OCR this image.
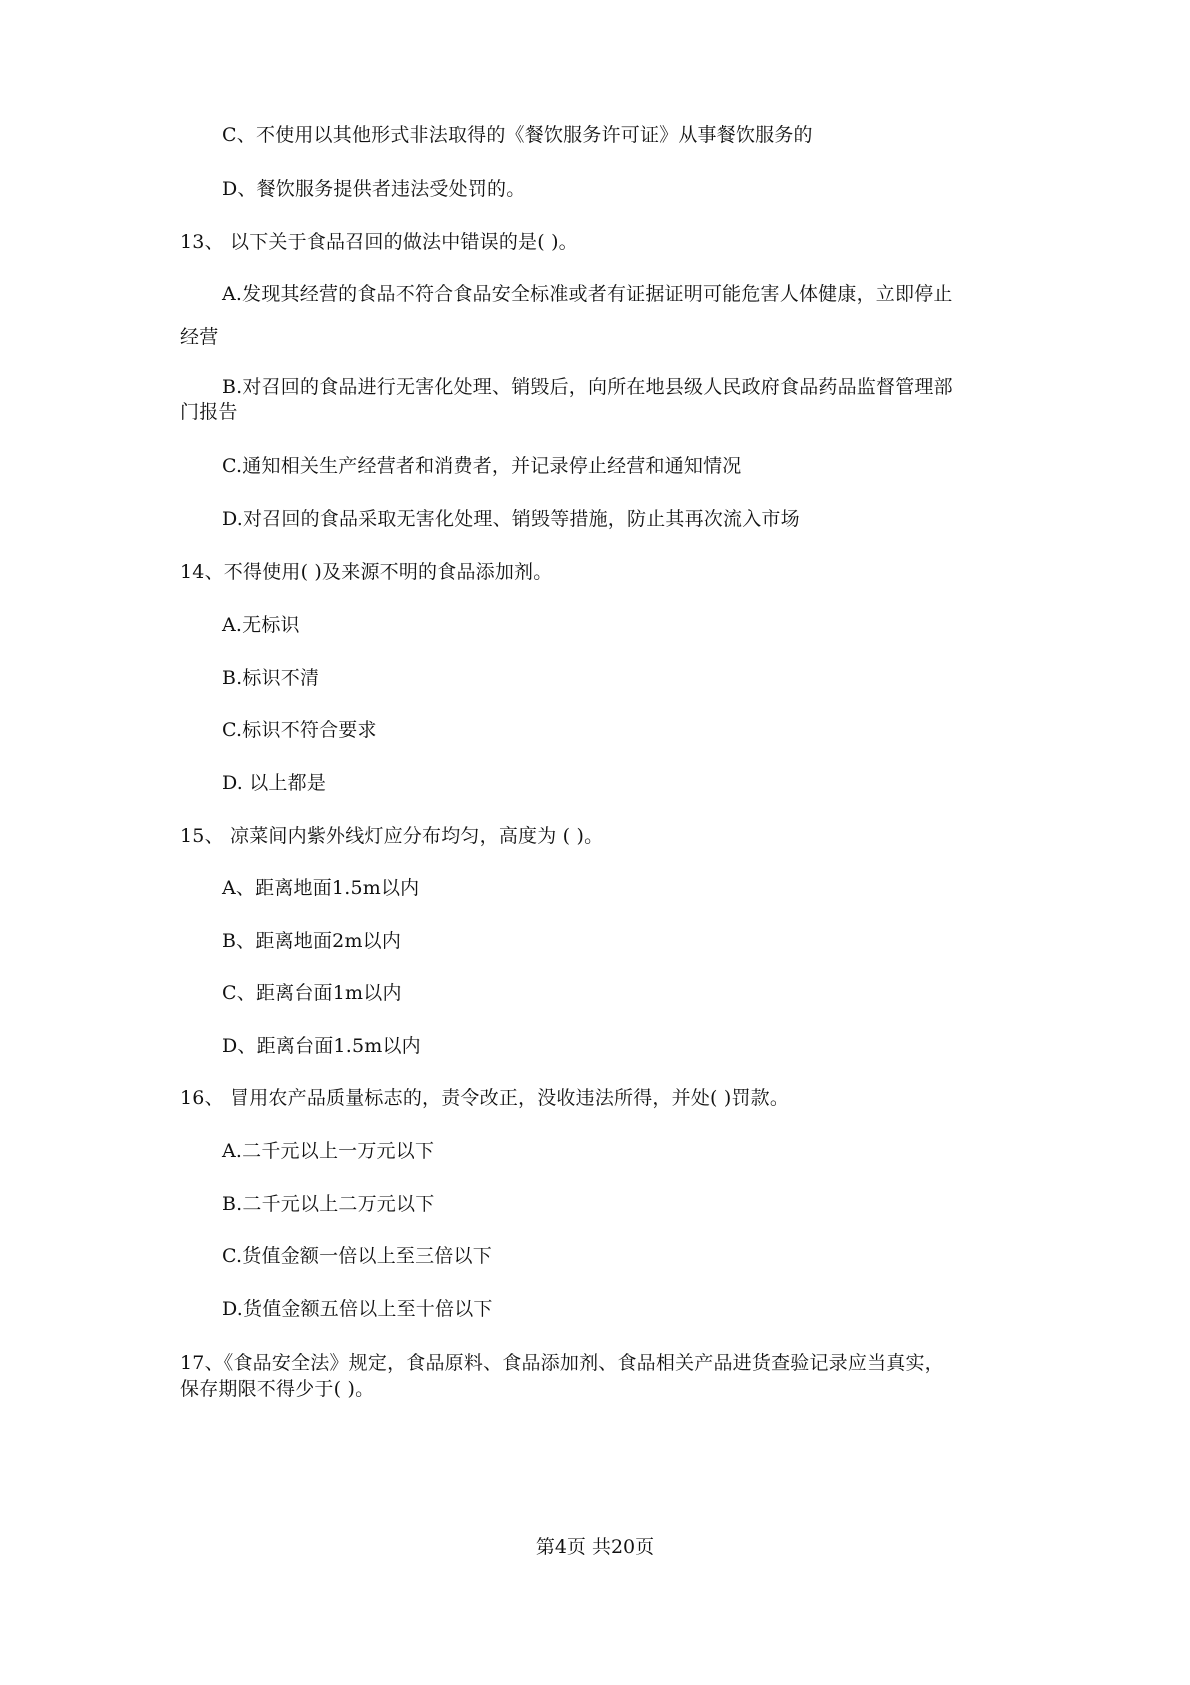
C、不使用以其他形式非法取得的《餐饮服务许可证》从事餐饮服务的
D、餐饮服务提供者违法受处罚的。
13、 以下关于食品召回的做法中错误的是( )。
A.发现其经营的食品不符合食品安全标准或者有证据证明可能危害人体健康，立即停止
经营
B.对召回的食品进行无害化处理、销毁后，向所在地县级人民政府食品药品监督管理部
门报告
C.通知相关生产经营者和消费者，并记录停止经营和通知情况
D.对召回的食品采取无害化处理、销毁等措施，防止其再次流入市场
14、不得使用( )及来源不明的食品添加剂。
A.无标识
B.标识不清
C.标识不符合要求
D. 以上都是
15、 凉菜间内紫外线灯应分布均匀，高度为 ( )。
A、距离地面1.5m以内
B、距离地面2m以内
C、距离台面1m以内
D、距离台面1.5m以内
16、 冒用农产品质量标志的，责令改正，没收违法所得，并处( )罚款。
A.二千元以上一万元以下
B.二千元以上二万元以下
C.货值金额一倍以上至三倍以下
D.货值金额五倍以上至十倍以下
17、《食品安全法》规定，食品原料、食品添加剂、食品相关产品进货查验记录应当真实，
保存期限不得少于( )。
第4页 共20页
